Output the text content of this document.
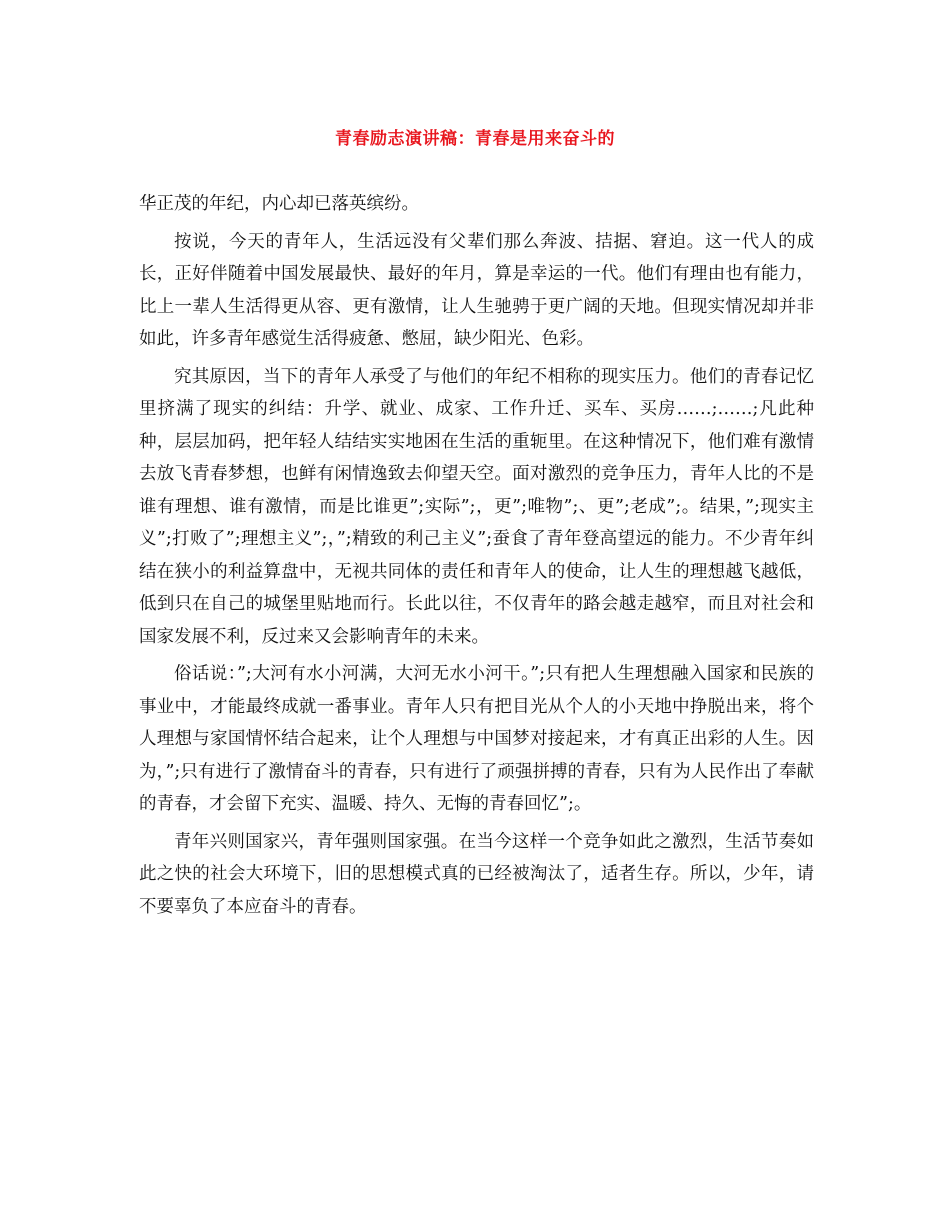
青春励志演讲稿：青春是用来奋斗的

华正茂的年纪，内心却已落英缤纷。

按说，今天的青年人，生活远没有父辈们那么奔波、拮据、窘迫。这一代人的成长，正好伴随着中国发展最快、最好的年月，算是幸运的一代。他们有理由也有能力，比上一辈人生活得更从容、更有激情，让人生驰骋于更广阔的天地。但现实情况却并非如此，许多青年感觉生活得疲惫、憋屈，缺少阳光、色彩。

究其原因，当下的青年人承受了与他们的年纪不相称的现实压力。他们的青春记忆里挤满了现实的纠结：升学、就业、成家、工作升迁、买车、买房……;……;凡此种种，层层加码，把年轻人结结实实地困在生活的重轭里。在这种情况下，他们难有激情去放飞青春梦想，也鲜有闲情逸致去仰望天空。面对激烈的竞争压力，青年人比的不是谁有理想、谁有激情，而是比谁更”;实际”;，更”;唯物”;、更”;老成”;。结果，”;现实主义”;打败了”;理想主义”;，”;精致的利己主义”;蚕食了青年登高望远的能力。不少青年纠结在狭小的利益算盘中，无视共同体的责任和青年人的使命，让人生的理想越飞越低，低到只在自己的城堡里贴地而行。长此以往，不仅青年的路会越走越窄，而且对社会和国家发展不利，反过来又会影响青年的未来。

俗话说：”;大河有水小河满，大河无水小河干。”;只有把人生理想融入国家和民族的事业中，才能最终成就一番事业。青年人只有把目光从个人的小天地中挣脱出来，将个人理想与家国情怀结合起来，让个人理想与中国梦对接起来，才有真正出彩的人生。因为，”;只有进行了激情奋斗的青春，只有进行了顽强拼搏的青春，只有为人民作出了奉献的青春，才会留下充实、温暖、持久、无悔的青春回忆”;。

青年兴则国家兴，青年强则国家强。在当今这样一个竞争如此之激烈，生活节奏如此之快的社会大环境下，旧的思想模式真的已经被淘汰了，适者生存。所以，少年，请不要辜负了本应奋斗的青春。
